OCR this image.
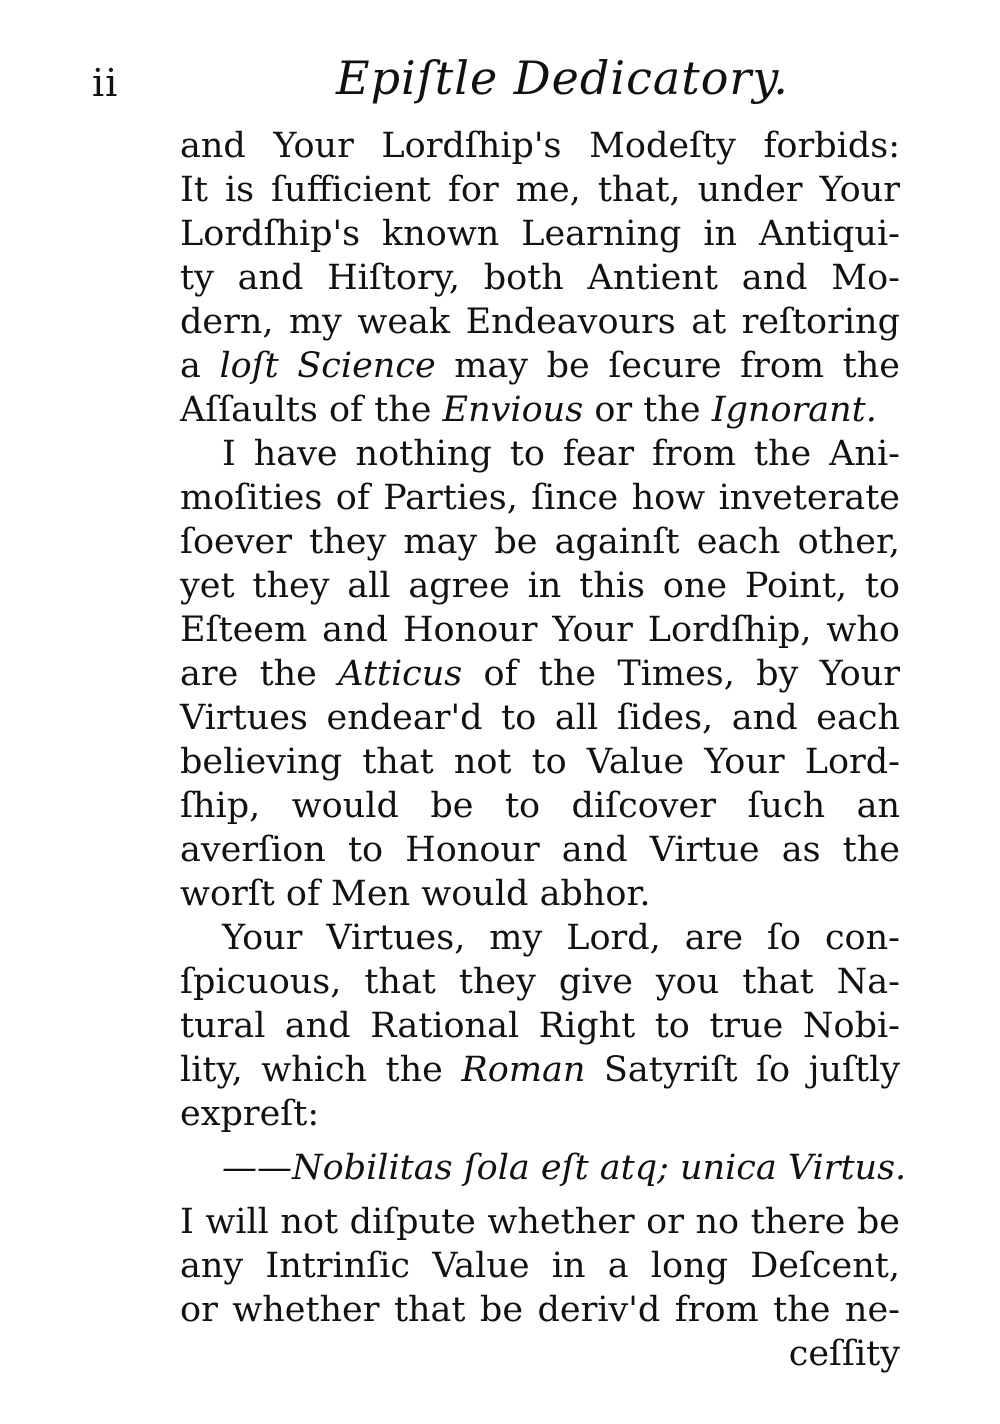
ii	Epiſtle Dedicatory.
and Your Lordſhip's Modeſty forbids:
It is ſufficient for me, that, under Your
Lordſhip's known Learning in Antiqui-
ty and Hiſtory, both Antient and Mo-
dern, my weak Endeavours at reſtoring
a loſt Science may be ſecure from the
Aſſaults of the Envious or the Ignorant.
I have nothing to fear from the Ani-
moſities of Parties, ſince how inveterate
ſoever they may be againſt each other,
yet they all agree in this one Point, to
Eſteem and Honour Your Lordſhip, who
are the Atticus of the Times, by Your
Virtues endear'd to all ſides, and each
believing that not to Value Your Lord-
ſhip, would be to diſcover ſuch an
averſion to Honour and Virtue as the
worſt of Men would abhor.
Your Virtues, my Lord, are ſo con-
ſpicuous, that they give you that Na-
tural and Rational Right to true Nobi-
lity, which the Roman Satyriſt ſo juſtly
expreſt:
——Nobilitas ſola eſt atq; unica Virtus.
I will not diſpute whether or no there be
any Intrinſic Value in a long Deſcent,
or whether that be deriv'd from the ne-
ceſſity
